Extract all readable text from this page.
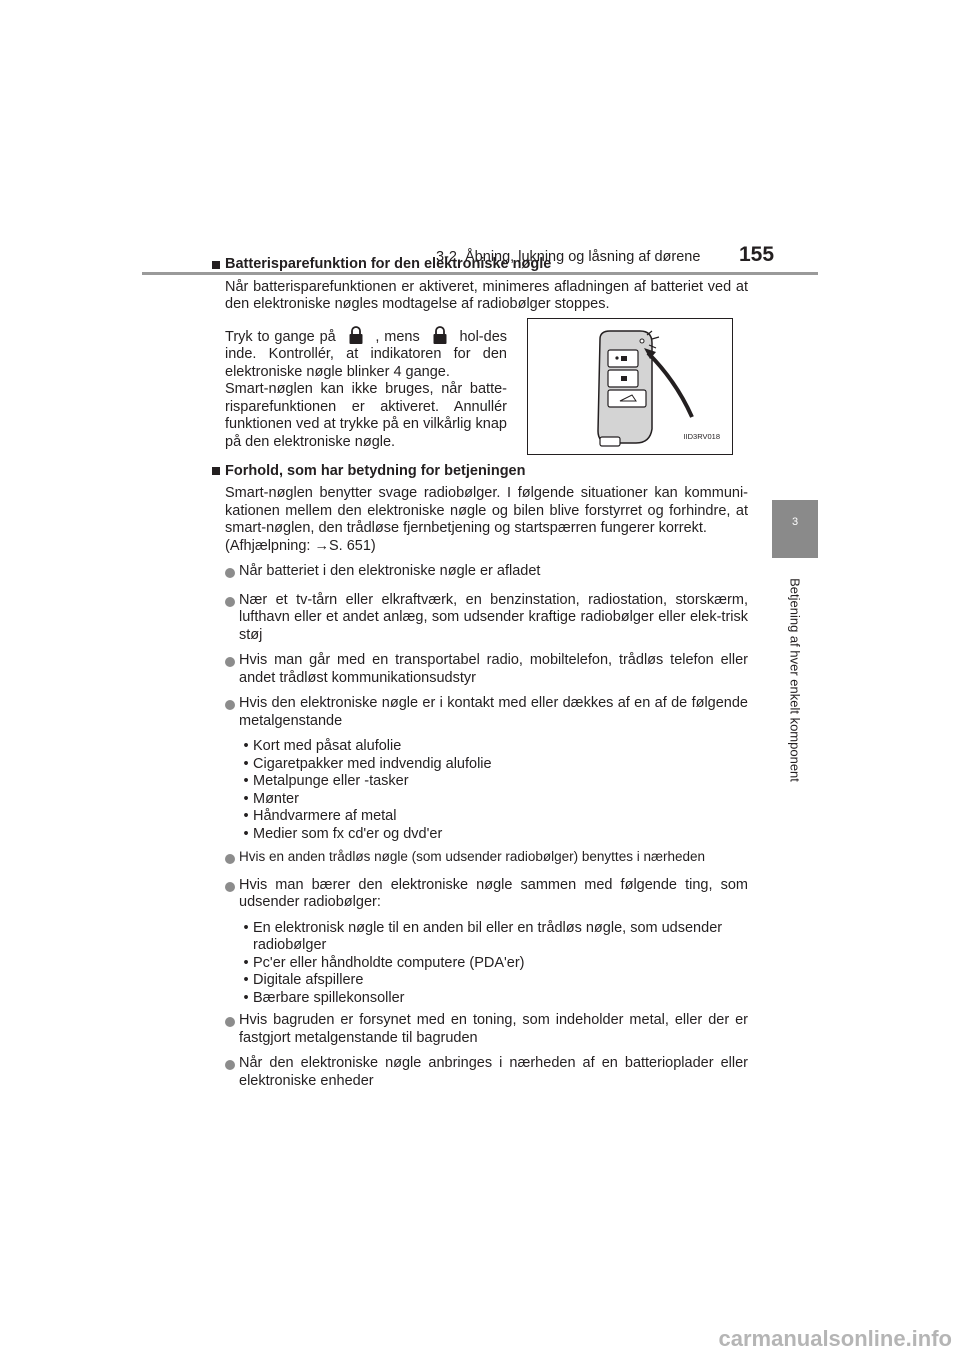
3-2. Åbning, lukning og låsning af dørene 155
3
Betjening af hver enkelt komponent
Batterisparefunktion for den elektroniske nøgle

Når batterisparefunktionen er aktiveret, minimeres afladningen af batteriet ved at den elektroniske nøgles modtagelse af radiobølger stoppes.

Tryk to gange på	, mens	hol-des inde. Kontrollér, at indikatoren for den elektroniske nøgle blinker 4 gange.
Smart-nøglen kan ikke bruges, når batte-risparefunktionen er aktiveret. Annullér funktionen ved at trykke på en vilkårlig knap på den elektroniske nøgle.	IID3RV018
Forhold, som har betydning for betjeningen

Smart-nøglen benytter svage radiobølger. I følgende situationer kan kommuni-kationen mellem den elektroniske nøgle og bilen blive forstyrret og forhindre, at smart-nøglen, den trådløse fjernbetjening og startspærren fungerer korrekt.

(Afhjælpning: →S. 651)

Når batteriet i den elektroniske nøgle er afladet
Nær et tv-tårn eller elkraftværk, en benzinstation, radiostation, storskærm, lufthavn eller et andet anlæg, som udsender kraftige radiobølger eller elek-trisk støj
Hvis man går med en transportabel radio, mobiltelefon, trådløs telefon eller andet trådløst kommunikationsudstyr
Hvis den elektroniske nøgle er i kontakt med eller dækkes af en af de følgende metalgenstande
• Kort med påsat alufolie
• Cigaretpakker med indvendig alufolie
• Metalpunge eller -tasker
• Mønter
• Håndvarmere af metal
• Medier som fx cd'er og dvd'er
Hvis en anden trådløs nøgle (som udsender radiobølger) benyttes i nærheden
Hvis man bærer den elektroniske nøgle sammen med følgende ting, som udsender radiobølger:
• En elektronisk nøgle til en anden bil eller en trådløs nøgle, som udsender radiobølger
• Pc'er eller håndholdte computere (PDA'er)
• Digitale afspillere
• Bærbare spillekonsoller
Hvis bagruden er forsynet med en toning, som indeholder metal, eller der er fastgjort metalgenstande til bagruden
Når den elektroniske nøgle anbringes i nærheden af en batterioplader eller elektroniske enheder
carmanualsonline.info
